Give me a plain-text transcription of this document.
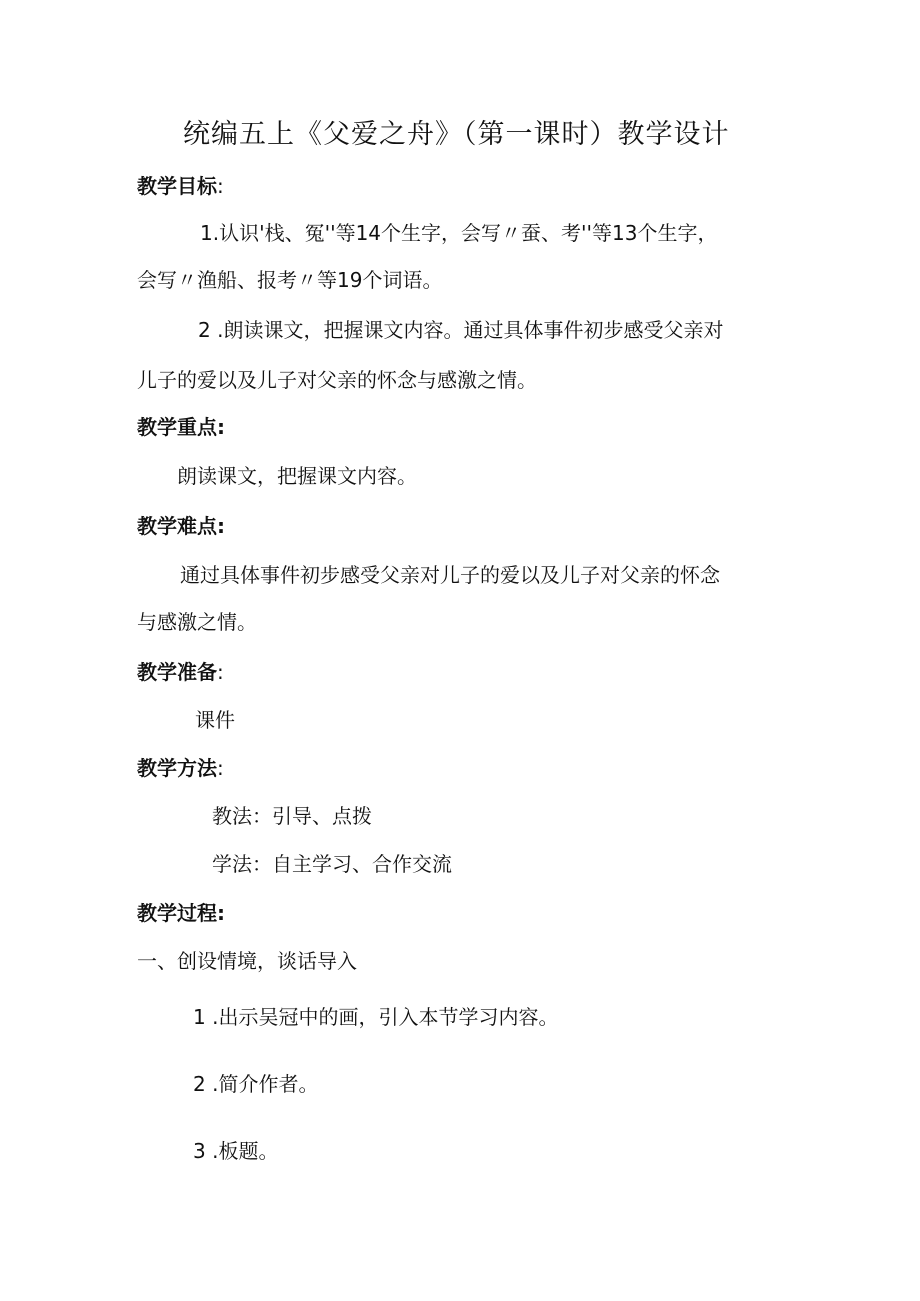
统编五上《父爱之舟》（第一课时）教学设计
教学目标:
1.认识'栈、冤''等14个生字，会写〃蚕、考''等13个生字，
会写〃渔船、报考〃等19个词语。
2 .朗读课文，把握课文内容。通过具体事件初步感受父亲对
儿子的爱以及儿子对父亲的怀念与感激之情。
教学重点:
朗读课文，把握课文内容。
教学难点:
通过具体事件初步感受父亲对儿子的爱以及儿子对父亲的怀念
与感激之情。
教学准备:
课件
教学方法:
教法：引导、点拨
学法：自主学习、合作交流
教学过程:
一、创设情境，谈话导入
1 .出示吴冠中的画，引入本节学习内容。
2 .简介作者。
3 .板题。
